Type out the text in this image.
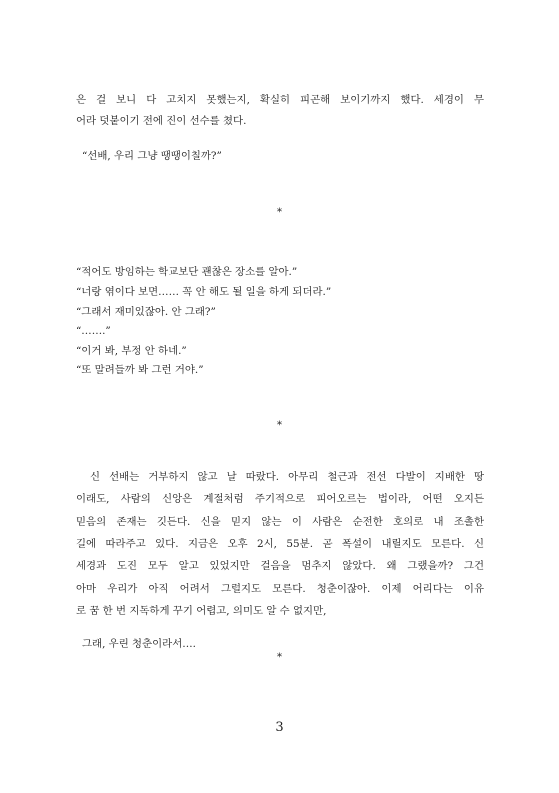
은 걸 보니 다 고치지 못했는지, 확실히 피곤해 보이기까지 했다. 세경이 무
어라 덧붙이기 전에 진이 선수를 쳤다.
“선배, 우리 그냥 땡땡이칠까?”
*
“적어도 방임하는 학교보단 괜찮은 장소를 알아.”
“너랑 엮이다 보면…… 꼭 안 해도 될 일을 하게 되더라.”
“그래서 재미있잖아. 안 그래?”
“…….”
“이거 봐, 부정 안 하네.”
“또 말려들까 봐 그런 거야.”
*
신 선배는 거부하지 않고 날 따랐다. 아무리 철근과 전선 다발이 지배한 땅
이래도, 사람의 신앙은 계절처럼 주기적으로 피어오르는 법이라, 어떤 오지든
믿음의 존재는 깃든다. 신을 믿지 않는 이 사람은 순전한 호의로 내 조촐한
길에 따라주고 있다. 지금은 오후 2시, 55분. 곧 폭설이 내릴지도 모른다. 신
세경과 도진 모두 알고 있었지만 걸음을 멈추지 않았다. 왜 그랬을까? 그건
아마 우리가 아직 어려서 그럴지도 모른다. 청춘이잖아. 이제 어리다는 이유
로 꿈 한 번 지독하게 꾸기 어렵고, 의미도 알 수 없지만,
그래, 우린 청춘이라서….
*
3
